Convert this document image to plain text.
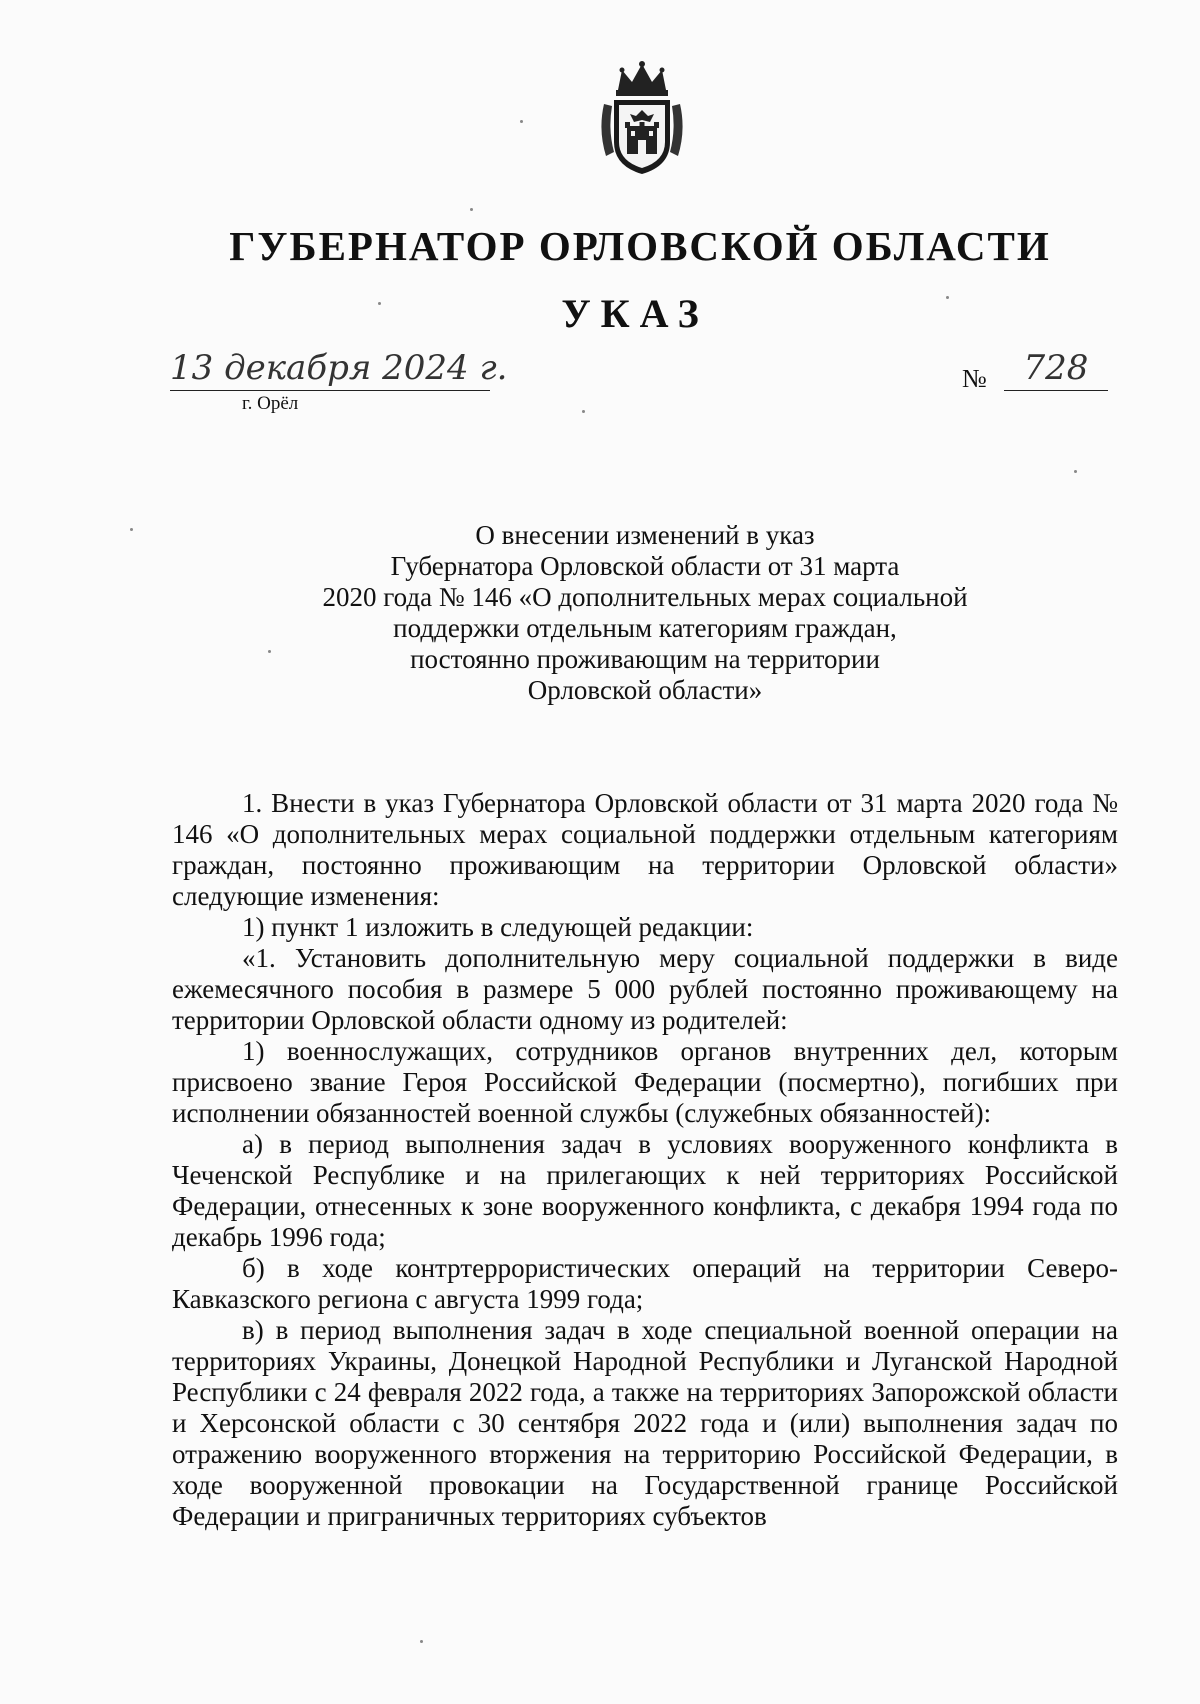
ГУБЕРНАТОР ОРЛОВСКОЙ ОБЛАСТИ
УКАЗ
13 декабря 2024 г.
г. Орёл
№	728
О внесении изменений в указ
Губернатора Орловской области от 31 марта
2020 года № 146 «О дополнительных мерах социальной
поддержки отдельным категориям граждан,
постоянно проживающим на территории
Орловской области»

1. Внести в указ Губернатора Орловской области от 31 марта 2020 года № 146 «О дополнительных мерах социальной поддержки отдельным категориям граждан, постоянно проживающим на территории Орловской области» следующие изменения:

1) пункт 1 изложить в следующей редакции:

«1. Установить дополнительную меру социальной поддержки в виде ежемесячного пособия в размере 5 000 рублей постоянно проживающему на территории Орловской области одному из родителей:

1) военнослужащих, сотрудников органов внутренних дел, которым присвоено звание Героя Российской Федерации (посмертно), погибших при исполнении обязанностей военной службы (служебных обязанностей):

а) в период выполнения задач в условиях вооруженного конфликта в Чеченской Республике и на прилегающих к ней территориях Российской Федерации, отнесенных к зоне вооруженного конфликта, с декабря 1994 года по декабрь 1996 года;

б) в ходе контртеррористических операций на территории Северо-Кавказского региона с августа 1999 года;

в) в период выполнения задач в ходе специальной военной операции на территориях Украины, Донецкой Народной Республики и Луганской Народной Республики с 24 февраля 2022 года, а также на территориях Запорожской области и Херсонской области с 30 сентября 2022 года и (или) выполнения задач по отражению вооруженного вторжения на территорию Российской Федерации, в ходе вооруженной провокации на Государственной границе Российской Федерации и приграничных территориях субъектов
